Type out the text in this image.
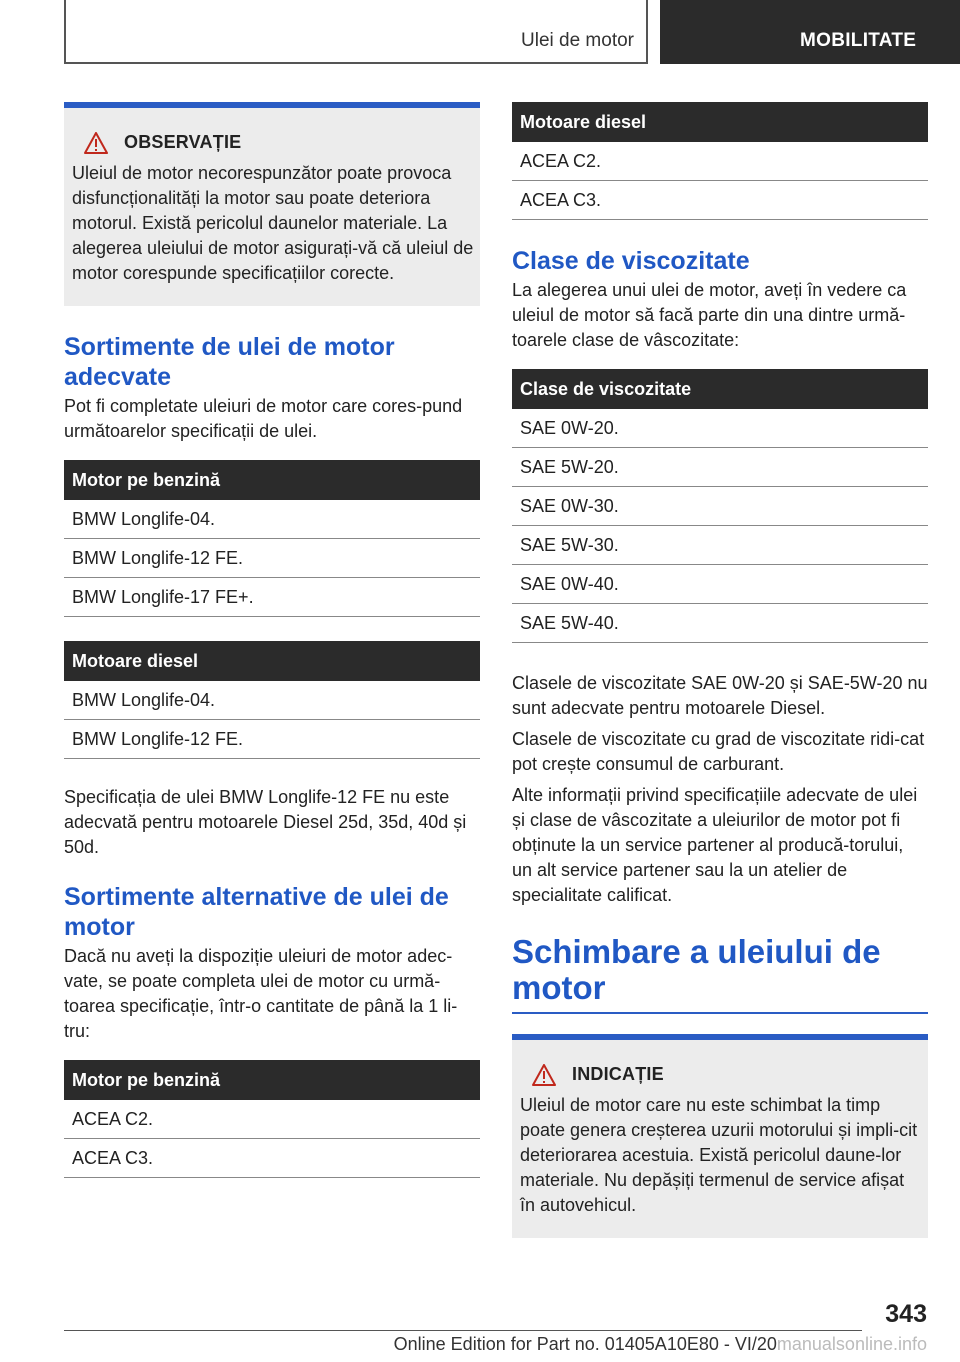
Ulei de motor	MOBILITATE
OBSERVAȚIE

Uleiul de motor necorespunzător poate provoca disfuncționalități la motor sau poate deteriora motorul. Există pericolul daunelor materiale. La alegerea uleiului de motor asigurați-vă că uleiul de motor corespunde specificațiilor corecte.

Sortimente de ulei de motor adecvate

Pot fi completate uleiuri de motor care cores-pund următoarelor specificații de ulei.

Motor pe benzină
BMW Longlife-04.
BMW Longlife-12 FE.
BMW Longlife-17 FE+.
Motoare diesel
BMW Longlife-04.
BMW Longlife-12 FE.

Specificația de ulei BMW Longlife-12 FE nu este adecvată pentru motoarele Diesel 25d, 35d, 40d și 50d.

Sortimente alternative de ulei de motor

Dacă nu aveți la dispoziție uleiuri de motor adec-vate, se poate completa ulei de motor cu urmă-toarea specificație, într-o cantitate de până la 1 li-tru:

Motor pe benzină
ACEA C2.
ACEA C3.
Motoare diesel
ACEA C2.
ACEA C3.
Clase de viscozitate

La alegerea unui ulei de motor, aveți în vedere ca uleiul de motor să facă parte din una dintre urmă-toarele clase de vâscozitate:

Clase de viscozitate
SAE 0W-20.
SAE 5W-20.
SAE 0W-30.
SAE 5W-30.
SAE 0W-40.
SAE 5W-40.

Clasele de viscozitate SAE 0W-20 și SAE-5W-20 nu sunt adecvate pentru motoarele Diesel.

Clasele de viscozitate cu grad de viscozitate ridi-cat pot crește consumul de carburant.

Alte informații privind specificațiile adecvate de ulei și clase de vâscozitate a uleiurilor de motor pot fi obținute la un service partener al producă-torului, un alt service partener sau la un atelier de specialitate calificat.

Schimbare a uleiului de motor
INDICAȚIE

Uleiul de motor care nu este schimbat la timp poate genera creșterea uzurii motorului și impli-cit deteriorarea acestuia. Există pericolul daune-lor materiale. Nu depășiți termenul de service afișat în autovehicul.

343
Online Edition for Part no. 01405A10E80 - VI/20manualsonline.info
